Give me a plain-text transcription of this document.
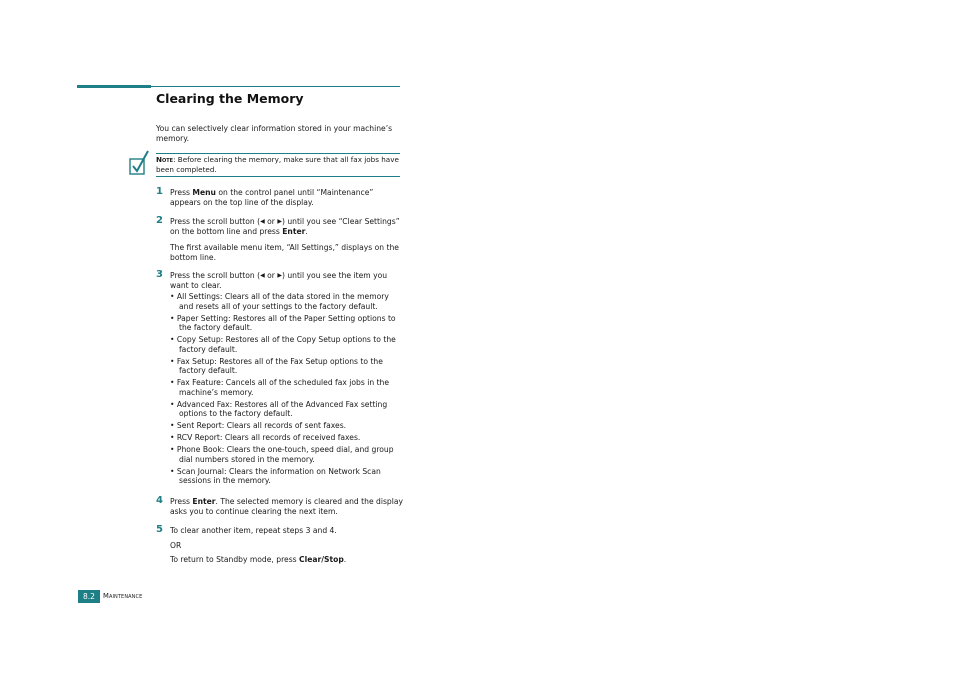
Clearing the Memory
You can selectively clear information stored in your machine’s memory.
Note: Before clearing the memory, make sure that all fax jobs have been completed.
1 Press Menu on the control panel until “Maintenance” appears on the top line of the display.
2 Press the scroll button (◀ or ▶) until you see “Clear Settings” on the bottom line and press Enter.
The first available menu item, “All Settings,” displays on the bottom line.
3 Press the scroll button (◀ or ▶) until you see the item you want to clear.
• All Settings: Clears all of the data stored in the memory and resets all of your settings to the factory default.
• Paper Setting: Restores all of the Paper Setting options to the factory default.
• Copy Setup: Restores all of the Copy Setup options to the factory default.
• Fax Setup: Restores all of the Fax Setup options to the factory default.
• Fax Feature: Cancels all of the scheduled fax jobs in the machine’s memory.
• Advanced Fax: Restores all of the Advanced Fax setting options to the factory default.
• Sent Report: Clears all records of sent faxes.
• RCV Report: Clears all records of received faxes.
• Phone Book: Clears the one-touch, speed dial, and group dial numbers stored in the memory.
• Scan Journal: Clears the information on Network Scan sessions in the memory.
4 Press Enter. The selected memory is cleared and the display asks you to continue clearing the next item.
5 To clear another item, repeat steps 3 and 4.
OR
To return to Standby mode, press Clear/Stop.
8.2	Maintenance
